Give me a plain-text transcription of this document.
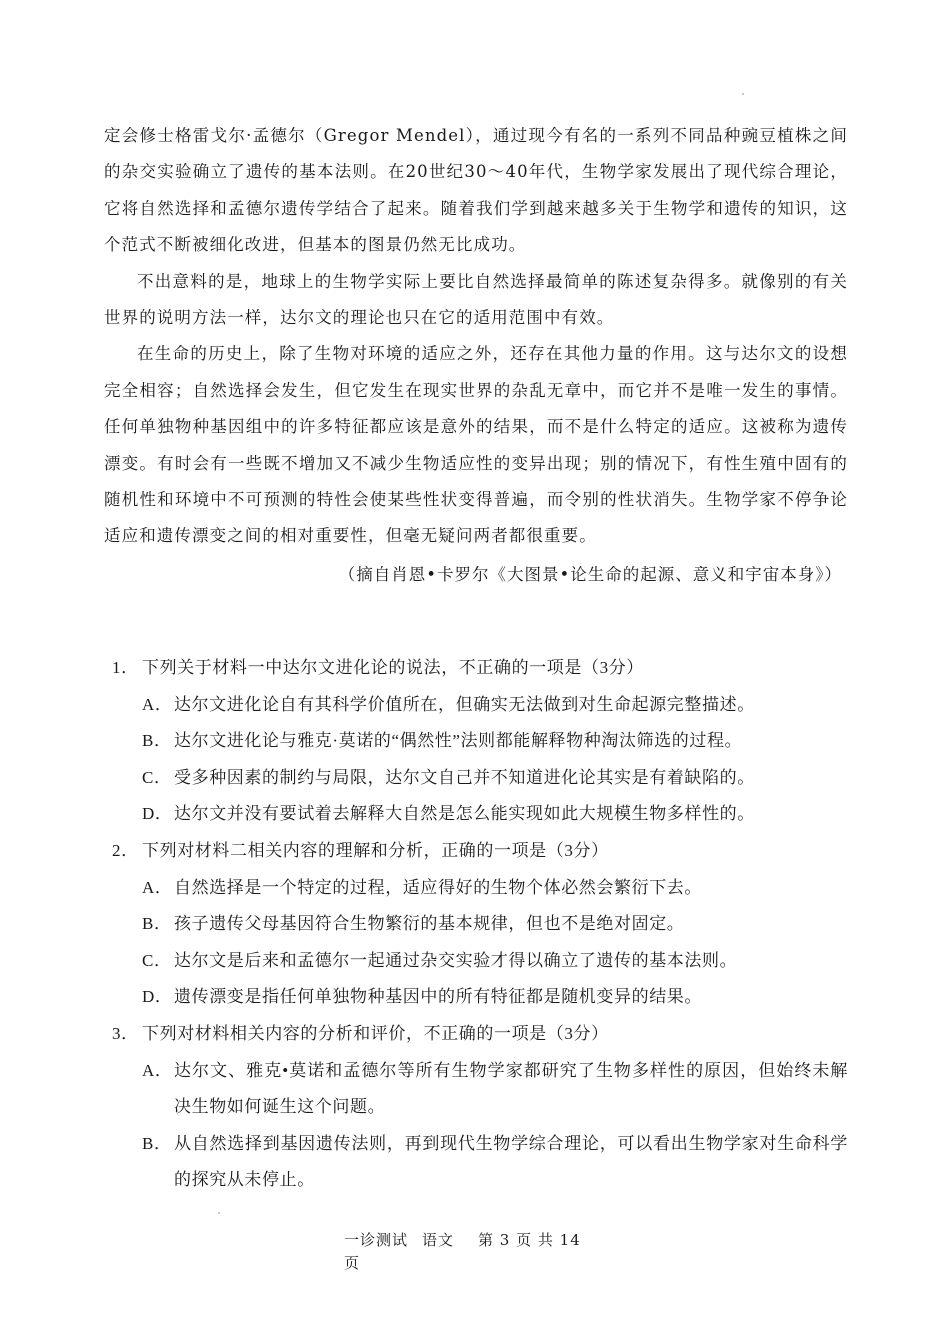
定会修士格雷戈尔·孟德尔（Gregor Mendel），通过现今有名的一系列不同品种豌豆植株之间的杂交实验确立了遗传的基本法则。在20世纪30～40年代，生物学家发展出了现代综合理论，它将自然选择和孟德尔遗传学结合了起来。随着我们学到越来越多关于生物学和遗传的知识，这个范式不断被细化改进，但基本的图景仍然无比成功。

不出意料的是，地球上的生物学实际上要比自然选择最简单的陈述复杂得多。就像别的有关世界的说明方法一样，达尔文的理论也只在它的适用范围中有效。

在生命的历史上，除了生物对环境的适应之外，还存在其他力量的作用。这与达尔文的设想完全相容；自然选择会发生，但它发生在现实世界的杂乱无章中，而它并不是唯一发生的事情。任何单独物种基因组中的许多特征都应该是意外的结果，而不是什么特定的适应。这被称为遗传漂变。有时会有一些既不增加又不减少生物适应性的变异出现；别的情况下，有性生殖中固有的随机性和环境中不可预测的特性会使某些性状变得普遍，而令别的性状消失。生物学家不停争论适应和遗传漂变之间的相对重要性，但毫无疑问两者都很重要。

（摘自肖恩•卡罗尔《大图景•论生命的起源、意义和宇宙本身》）

1． 下列关于材料一中达尔文进化论的说法，不正确的一项是（3分）
A． 达尔文进化论自有其科学价值所在，但确实无法做到对生命起源完整描述。
B． 达尔文进化论与雅克·莫诺的“偶然性”法则都能解释物种淘汰筛选的过程。
C． 受多种因素的制约与局限，达尔文自己并不知道进化论其实是有着缺陷的。
D． 达尔文并没有要试着去解释大自然是怎么能实现如此大规模生物多样性的。
2． 下列对材料二相关内容的理解和分析，正确的一项是（3分）
A． 自然选择是一个特定的过程，适应得好的生物个体必然会繁衍下去。
B． 孩子遗传父母基因符合生物繁衍的基本规律，但也不是绝对固定。
C． 达尔文是后来和孟德尔一起通过杂交实验才得以确立了遗传的基本法则。
D． 遗传漂变是指任何单独物种基因中的所有特征都是随机变异的结果。
3． 下列对材料相关内容的分析和评价，不正确的一项是（3分）
A． 达尔文、雅克•莫诺和孟德尔等所有生物学家都研究了生物多样性的原因，但始终未解决生物如何诞生这个问题。
B． 从自然选择到基因遗传法则，再到现代生物学综合理论，可以看出生物学家对生命科学的探究从未停止。
一诊测试 语文 第 3 页 共 14
页
